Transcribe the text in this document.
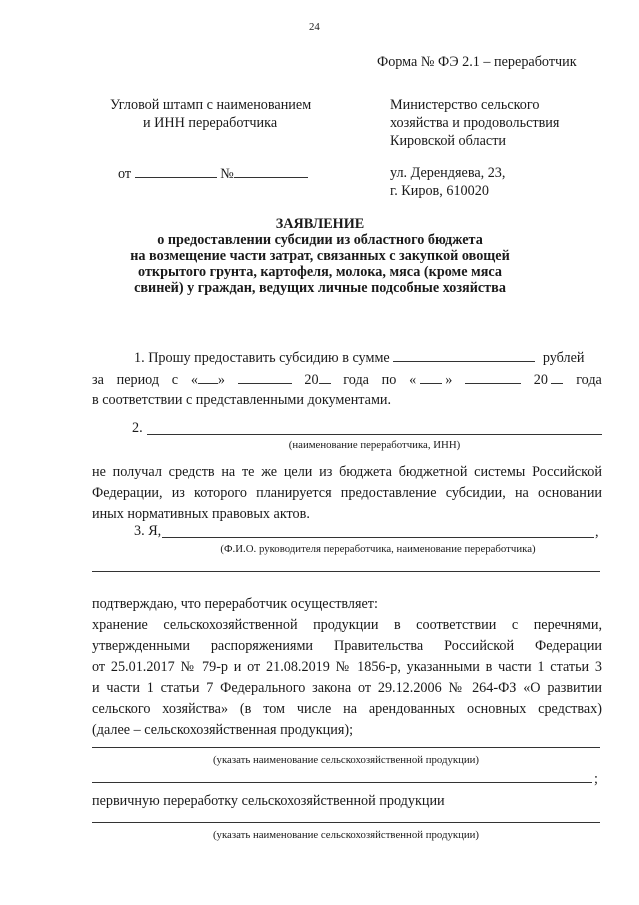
24
Форма № ФЭ 2.1 – переработчик
Угловой штамп с наименованием
и ИНН переработчика
от	№
Министерство сельского
хозяйства и продовольствия
Кировской области
ул. Дерендяева, 23,
г. Киров, 610020
ЗАЯВЛЕНИЕ
о предоставлении субсидии из областного бюджета
на возмещение части затрат, связанных с закупкой овощей
открытого грунта, картофеля, молока, мяса (кроме мяса
свиней) у граждан, ведущих личные подсобные хозяйства
1. Прошу предоставить субсидию в сумме	рублей
за период с « »	20	года по « »	20	года
в соответствии с представленными документами.
2.
(наименование переработчика, ИНН)
не получал средств на те же цели из бюджета бюджетной системы Российской
Федерации, из которого планируется предоставление субсидии, на основании
иных нормативных правовых актов.
3. Я,	,
(Ф.И.О. руководителя переработчика, наименование переработчика)
подтверждаю, что переработчик осуществляет:
хранение сельскохозяйственной продукции в соответствии с перечнями,
утвержденными распоряжениями Правительства Российской Федерации
от 25.01.2017 № 79-р и от 21.08.2019 № 1856-р, указанными в части 1 статьи 3
и части 1 статьи 7 Федерального закона от 29.12.2006 № 264-ФЗ «О развитии
сельского хозяйства» (в том числе на арендованных основных средствах)
(далее – сельскохозяйственная продукция);
(указать наименование сельскохозяйственной продукции)
;
первичную переработку сельскохозяйственной продукции
(указать наименование сельскохозяйственной продукции)
